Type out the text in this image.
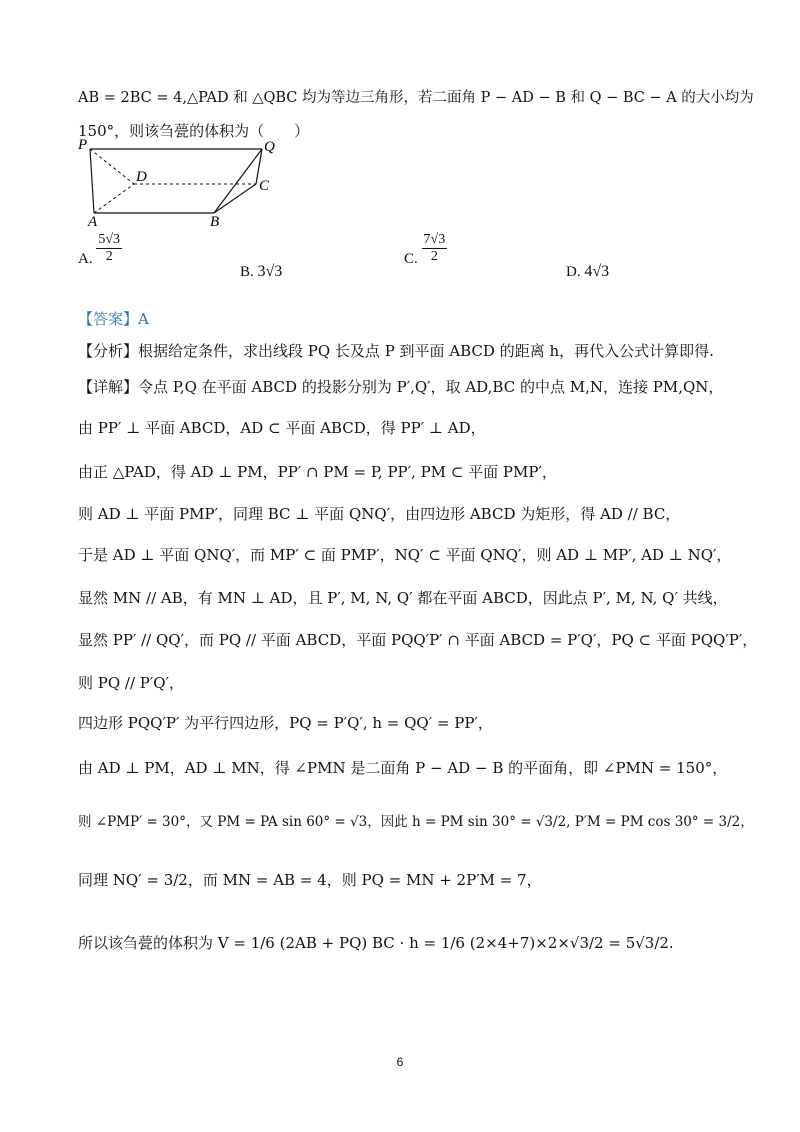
AB = 2BC = 4,△PAD 和 △QBC 均为等边三角形，若二面角 P − AD − B 和 Q − BC − A 的大小均为
150°，则该刍甍的体积为（　　）
P	Q
D
C
A	B
A. $\frac{5√3}{2}$
B. 3√3
C. $\frac{7√3}{2}$
D. 4√3
【答案】A
【分析】根据给定条件，求出线段 PQ 长及点 P 到平面 ABCD 的距离 h，再代入公式计算即得.
【详解】令点 P,Q 在平面 ABCD 的投影分别为 P′,Q′，取 AD,BC 的中点 M,N，连接 PM,QN，
由 PP′ ⊥ 平面 ABCD，AD ⊂ 平面 ABCD，得 PP′ ⊥ AD，
由正 △PAD，得 AD ⊥ PM，PP′ ∩ PM = P, PP′, PM ⊂ 平面 PMP′，
则 AD ⊥ 平面 PMP′，同理 BC ⊥ 平面 QNQ′，由四边形 ABCD 为矩形，得 AD // BC，
于是 AD ⊥ 平面 QNQ′，而 MP′ ⊂ 面 PMP′，NQ′ ⊂ 平面 QNQ′，则 AD ⊥ MP′, AD ⊥ NQ′，
显然 MN // AB，有 MN ⊥ AD，且 P′, M, N, Q′ 都在平面 ABCD，因此点 P′, M, N, Q′ 共线，
显然 PP′ // QQ′，而 PQ // 平面 ABCD，平面 PQQ′P′ ∩ 平面 ABCD = P′Q′，PQ ⊂ 平面 PQQ′P′，
则 PQ // P′Q′，
四边形 PQQ′P′ 为平行四边形，PQ = P′Q′, h = QQ′ = PP′，
由 AD ⊥ PM，AD ⊥ MN，得 ∠PMN 是二面角 P − AD − B 的平面角，即 ∠PMN = 150°，
则 ∠PMP′ = 30°，又 PM = PA sin 60° = √3，因此 h = PM sin 30° = √3/2, P′M = PM cos 30° = 3/2，
同理 NQ′ = 3/2，而 MN = AB = 4，则 PQ = MN + 2P′M = 7，
所以该刍甍的体积为 V = 1/6 (2AB + PQ) BC · h = 1/6 (2×4+7)×2×√3/2 = 5√3/2.
6
